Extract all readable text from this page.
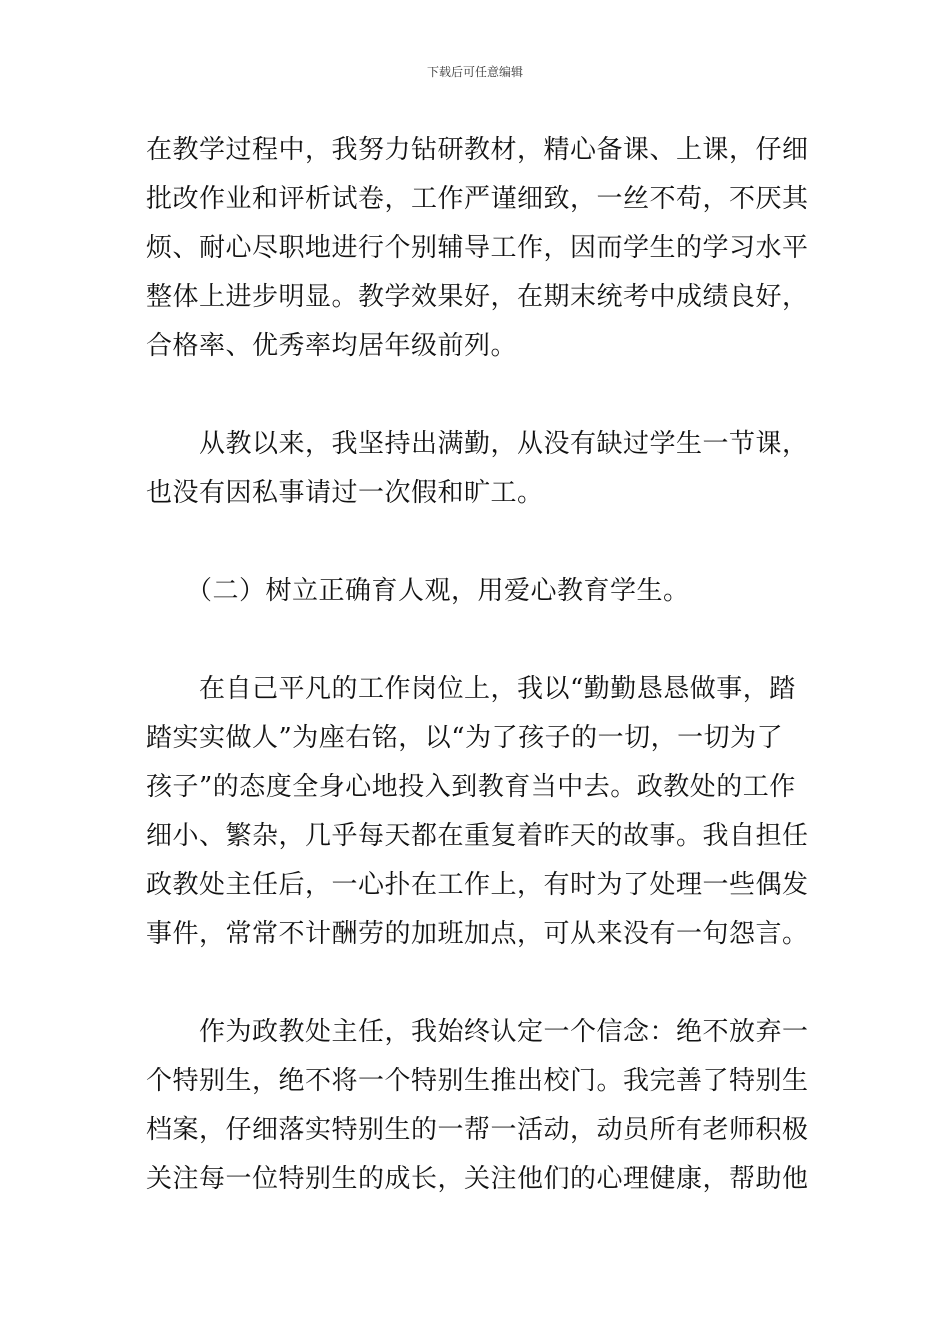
下载后可任意编辑
在教学过程中，我努力钻研教材，精心备课、上课，仔细
批改作业和评析试卷，工作严谨细致，一丝不苟，不厌其
烦、耐心尽职地进行个别辅导工作，因而学生的学习水平
整体上进步明显。教学效果好，在期末统考中成绩良好，
合格率、优秀率均居年级前列。
　　从教以来，我坚持出满勤，从没有缺过学生一节课，
也没有因私事请过一次假和旷工。
　　（二）树立正确育人观，用爱心教育学生。
　　在自己平凡的工作岗位上，我以“勤勤恳恳做事，踏
踏实实做人”为座右铭，以“为了孩子的一切，一切为了
孩子”的态度全身心地投入到教育当中去。政教处的工作
细小、繁杂，几乎每天都在重复着昨天的故事。我自担任
政教处主任后，一心扑在工作上，有时为了处理一些偶发
事件，常常不计酬劳的加班加点，可从来没有一句怨言。
　　作为政教处主任，我始终认定一个信念：绝不放弃一
个特别生，绝不将一个特别生推出校门。我完善了特别生
档案，仔细落实特别生的一帮一活动，动员所有老师积极
关注每一位特别生的成长，关注他们的心理健康，帮助他
